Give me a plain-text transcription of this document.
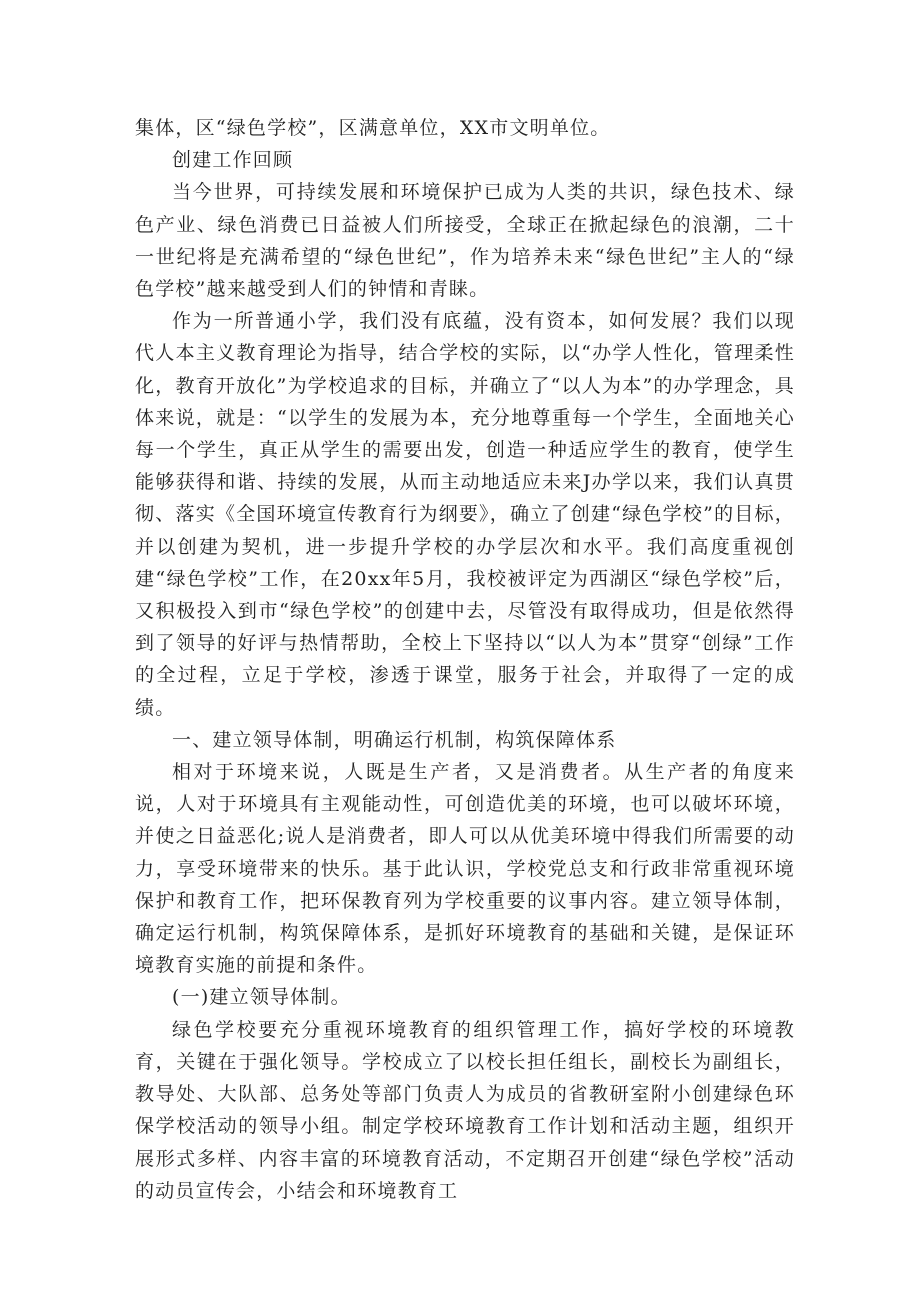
集体，区“绿色学校”，区满意单位，XX市文明单位。

创建工作回顾

当今世界，可持续发展和环境保护已成为人类的共识，绿色技术、绿色产业、绿色消费已日益被人们所接受，全球正在掀起绿色的浪潮，二十一世纪将是充满希望的“绿色世纪”，作为培养未来“绿色世纪”主人的“绿色学校”越来越受到人们的钟情和青睐。

作为一所普通小学，我们没有底蕴，没有资本，如何发展？我们以现代人本主义教育理论为指导，结合学校的实际，以“办学人性化，管理柔性化，教育开放化”为学校追求的目标，并确立了“以人为本”的办学理念，具体来说，就是：“以学生的发展为本，充分地尊重每一个学生，全面地关心每一个学生，真正从学生的需要出发，创造一种适应学生的教育，使学生能够获得和谐、持续的发展，从而主动地适应未来J办学以来，我们认真贯彻、落实《全国环境宣传教育行为纲要》，确立了创建“绿色学校”的目标，并以创建为契机，进一步提升学校的办学层次和水平。我们高度重视创建“绿色学校”工作，在20xx年5月，我校被评定为西湖区“绿色学校”后，又积极投入到市“绿色学校”的创建中去，尽管没有取得成功，但是依然得到了领导的好评与热情帮助，全校上下坚持以“以人为本”贯穿“创绿”工作的全过程，立足于学校，渗透于课堂，服务于社会，并取得了一定的成绩。

一、建立领导体制，明确运行机制，构筑保障体系

相对于环境来说，人既是生产者，又是消费者。从生产者的角度来说，人对于环境具有主观能动性，可创造优美的环境，也可以破坏环境，并使之日益恶化;说人是消费者，即人可以从优美环境中得我们所需要的动力，享受环境带来的快乐。基于此认识，学校党总支和行政非常重视环境保护和教育工作，把环保教育列为学校重要的议事内容。建立领导体制，确定运行机制，构筑保障体系，是抓好环境教育的基础和关键，是保证环境教育实施的前提和条件。

(一)建立领导体制。

绿色学校要充分重视环境教育的组织管理工作，搞好学校的环境教育，关键在于强化领导。学校成立了以校长担任组长，副校长为副组长，教导处、大队部、总务处等部门负责人为成员的省教研室附小创建绿色环保学校活动的领导小组。制定学校环境教育工作计划和活动主题，组织开展形式多样、内容丰富的环境教育活动，不定期召开创建“绿色学校”活动的动员宣传会，小结会和环境教育工
